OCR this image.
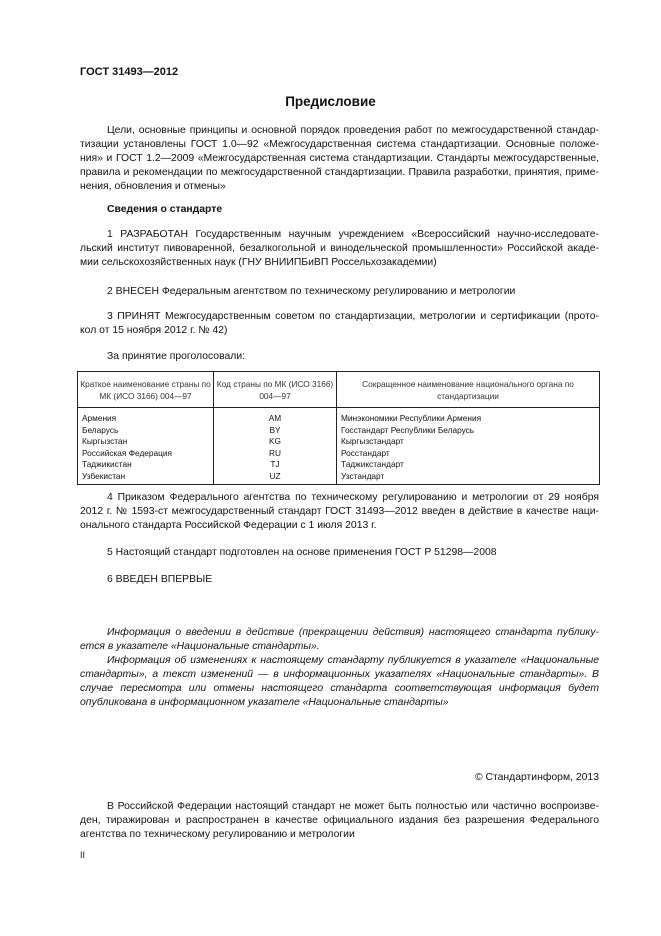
ГОСТ 31493—2012
Предисловие
Цели, основные принципы и основной порядок проведения работ по межгосударственной стандар-
тизации установлены ГОСТ 1.0—92 «Межгосударственная система стандартизации. Основные положе-
ния» и ГОСТ 1.2—2009 «Межгосударственная система стандартизации. Стандарты межгосударственные,
правила и рекомендации по межгосударственной стандартизации. Правила разработки, принятия, приме-
нения, обновления и отмены»
Сведения о стандарте
1 РАЗРАБОТАН Государственным научным учреждением «Всероссийский научно-исследовате-
льский институт пивоваренной, безалкогольной и винодельческой промышленности» Российской акаде-
мии сельскохозяйственных наук (ГНУ ВНИИПБиВП Россельхозакадемии)
2 ВНЕСЕН Федеральным агентством по техническому регулированию и метрологии
3 ПРИНЯТ Межгосударственным советом по стандартизации, метрологии и сертификации (прото-
кол от 15 ноября 2012 г. № 42)
За принятие проголосовали:
Краткое наименование страны по МК (ИСО 3166) 004—97	Код страны по МК (ИСО 3166) 004—97	Сокращенное наименование национального органа по стандартизации
Армения	AM	Минэкономики Республики Армения
Беларусь	BY	Госстандарт Республики Беларусь
Кыргызстан	KG	Кыргызстандарт
Российская Федерация	RU	Росстандарт
Таджикистан	TJ	Таджикстандарт
Узбекистан	UZ	Узстандарт
4 Приказом Федерального агентства по техническому регулированию и метрологии от 29 ноября
2012 г. № 1593-ст межгосударственный стандарт ГОСТ 31493—2012 введен в действие в качестве наци-
онального стандарта Российской Федерации с 1 июля 2013 г.
5 Настоящий стандарт подготовлен на основе применения ГОСТ Р 51298—2008
6 ВВЕДЕН ВПЕРВЫЕ
Информация о введении в действие (прекращении действия) настоящего стандарта публику-
ется в указателе «Национальные стандарты».
Информация об изменениях к настоящему стандарту публикуется в указателе «Национальные
стандарты», а текст изменений — в информационных указателях «Национальные стандарты». В
случае пересмотра или отмены настоящего стандарта соответствующая информация будет
опубликована в информационном указателе «Национальные стандарты»
© Стандартинформ, 2013
В Российской Федерации настоящий стандарт не может быть полностью или частично воспроизве-
ден, тиражирован и распространен в качестве официального издания без разрешения Федерального
агентства по техническому регулированию и метрологии
II
